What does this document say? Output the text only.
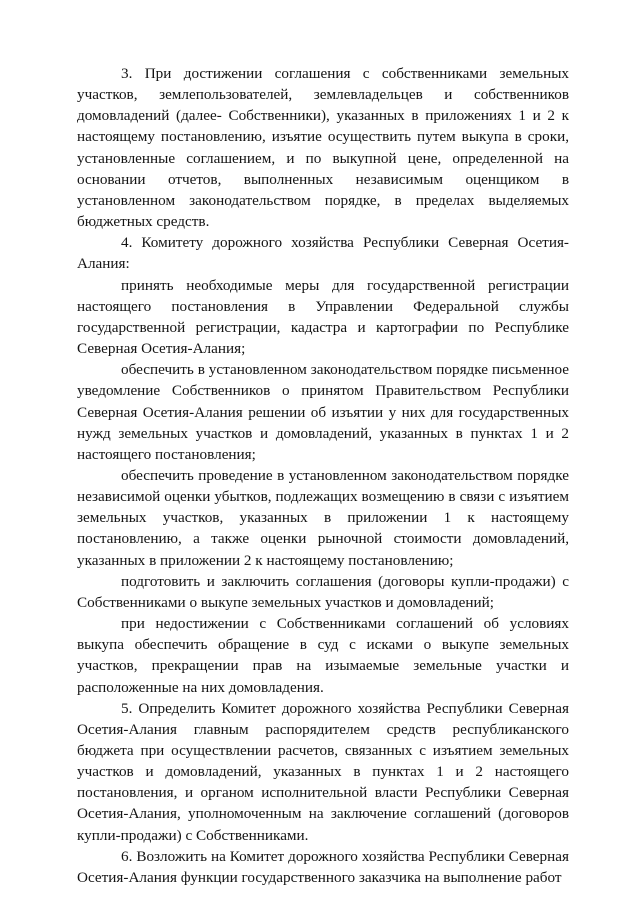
3. При достижении соглашения с собственниками земельных участков, землепользователей, землевладельцев и собственников домовладений (далее- Собственники), указанных в приложениях 1 и 2 к настоящему постановлению, изъятие осуществить путем выкупа в сроки, установленные соглашением, и по выкупной цене, определенной на основании отчетов, выполненных независимым оценщиком в установленном законодательством порядке, в пределах выделяемых бюджетных средств.

4. Комитету дорожного хозяйства Республики Северная Осетия-Алания:

принять необходимые меры для государственной регистрации настоящего постановления в Управлении Федеральной службы государственной регистрации, кадастра и картографии по Республике Северная Осетия-Алания;

обеспечить в установленном законодательством порядке письменное уведомление Собственников о принятом Правительством Республики Северная Осетия-Алания решении об изъятии у них для государственных нужд земельных участков и домовладений, указанных в пунктах 1 и 2 настоящего постановления;

обеспечить проведение в установленном законодательством порядке независимой оценки убытков, подлежащих возмещению в связи с изъятием земельных участков, указанных в приложении 1 к настоящему постановлению, а также оценки рыночной стоимости домовладений, указанных в приложении 2 к настоящему постановлению;

подготовить и заключить соглашения (договоры купли-продажи) с Собственниками о выкупе земельных участков и домовладений;

при недостижении с Собственниками соглашений об условиях выкупа обеспечить обращение в суд с исками о выкупе земельных участков, прекращении прав на изымаемые земельные участки и расположенные на них домовладения.

5. Определить Комитет дорожного хозяйства Республики Северная Осетия-Алания главным распорядителем средств республиканского бюджета при осуществлении расчетов, связанных с изъятием земельных участков и домовладений, указанных в пунктах 1 и 2 настоящего постановления, и органом исполнительной власти Республики Северная Осетия-Алания, уполномоченным на заключение соглашений (договоров купли-продажи) с Собственниками.

6. Возложить на Комитет дорожного хозяйства Республики Северная Осетия-Алания функции государственного заказчика на выполнение работ
